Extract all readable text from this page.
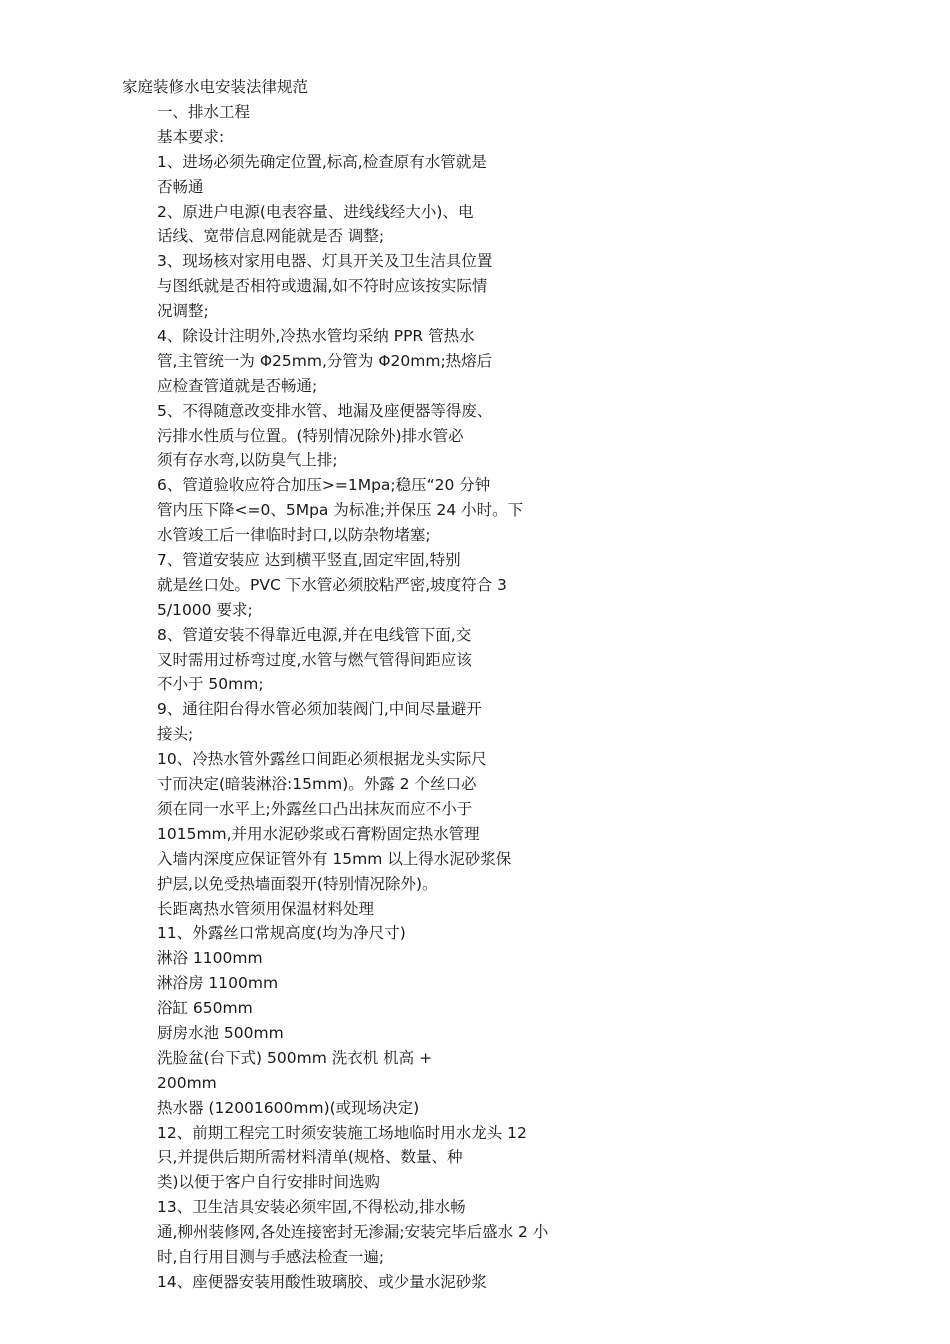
家庭装修水电安装法律规范
一、排水工程
基本要求:
1、进场必须先确定位置,标高,检查原有水管就是
否畅通
2、原进户电源(电表容量、进线线经大小)、电
话线、宽带信息网能就是否 调整;
3、现场核对家用电器、灯具开关及卫生洁具位置
与图纸就是否相符或遗漏,如不符时应该按实际情
况调整;
4、除设计注明外,冷热水管均采纳 PPR 管热水
管,主管统一为 Φ25mm,分管为 Φ20mm;热熔后
应检查管道就是否畅通;
5、不得随意改变排水管、地漏及座便器等得废、
污排水性质与位置。(特别情况除外)排水管必
须有存水弯,以防臭气上排;
6、管道验收应符合加压>=1Mpa;稳压“20 分钟
管内压下降<=0、5Mpa 为标准;并保压 24 小时。下
水管竣工后一律临时封口,以防杂物堵塞;
7、管道安装应 达到横平竖直,固定牢固,特别
就是丝口处。PVC 下水管必须胶粘严密,坡度符合 3
5/1000 要求;
8、管道安装不得靠近电源,并在电线管下面,交
叉时需用过桥弯过度,水管与燃气管得间距应该
不小于 50mm;
9、通往阳台得水管必须加装阀门,中间尽量避开
接头;
10、冷热水管外露丝口间距必须根据龙头实际尺
寸而决定(暗装淋浴:15mm)。外露 2 个丝口必
须在同一水平上;外露丝口凸出抹灰而应不小于
1015mm,并用水泥砂浆或石膏粉固定热水管理
入墙内深度应保证管外有 15mm 以上得水泥砂浆保
护层,以免受热墙面裂开(特别情况除外)。
长距离热水管须用保温材料处理
11、外露丝口常规高度(均为净尺寸)
淋浴 1100mm
淋浴房 1100mm
浴缸 650mm
厨房水池 500mm
洗脸盆(台下式) 500mm 洗衣机 机高 +
200mm
热水器 (12001600mm)(或现场决定)
12、前期工程完工时须安装施工场地临时用水龙头 12
只,并提供后期所需材料清单(规格、数量、种
类)以便于客户自行安排时间选购
13、卫生洁具安装必须牢固,不得松动,排水畅
通,柳州装修网,各处连接密封无渗漏;安装完毕后盛水 2 小
时,自行用目测与手感法检查一遍;
14、座便器安装用酸性玻璃胶、或少量水泥砂浆
